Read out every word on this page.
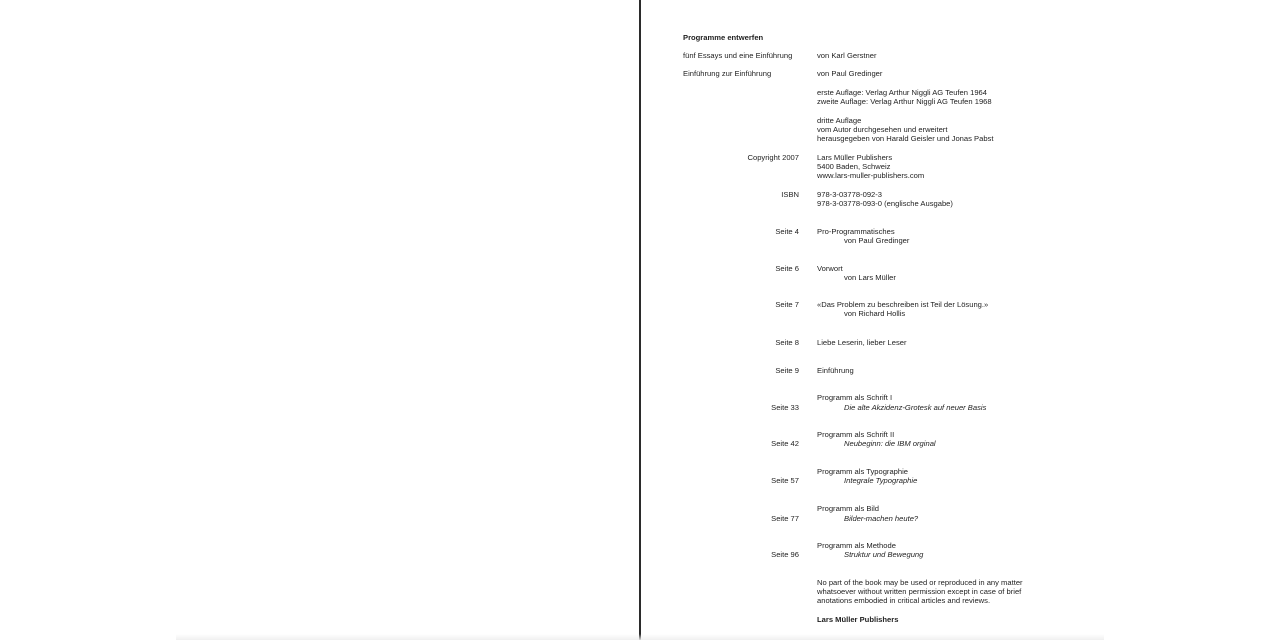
Programme entwerfen
fünf Essays und eine Einführung	von Karl Gerstner
Einführung zur Einführung	von Paul Gredinger
erste Auflage: Verlag Arthur Niggli AG Teufen 1964
zweite Auflage: Verlag Arthur Niggli AG Teufen 1968
dritte Auflage
vom Autor durchgesehen und erweitert
herausgegeben von Harald Geisler und Jonas Pabst
Copyright 2007 Lars Müller Publishers
5400 Baden, Schweiz
www.lars-muller-publishers.com
ISBN 978-3-03778-092-3
978-3-03778-093-0 (englische Ausgabe)
Seite 4 Pro-Programmatisches
von Paul Gredinger
Seite 6 Vorwort
von Lars Müller
Seite 7 «Das Problem zu beschreiben ist Teil der Lösung.»
von Richard Hollis
Seite 8 Liebe Leserin, lieber Leser
Seite 9 Einführung
Programm als Schrift I
Seite 33	Die alte Akzidenz-Grotesk auf neuer Basis
Programm als Schrift II
Seite 42	Neubeginn: die IBM orginal
Programm als Typographie
Seite 57	Integrale Typographie
Programm als Bild
Seite 77	Bilder-machen heute?
Programm als Methode
Seite 96	Struktur und Bewegung
No part of the book may be used or reproduced in any matter
whatsoever without written permission except in case of brief
anotations embodied in critical articles and reviews.
Lars Müller Publishers
